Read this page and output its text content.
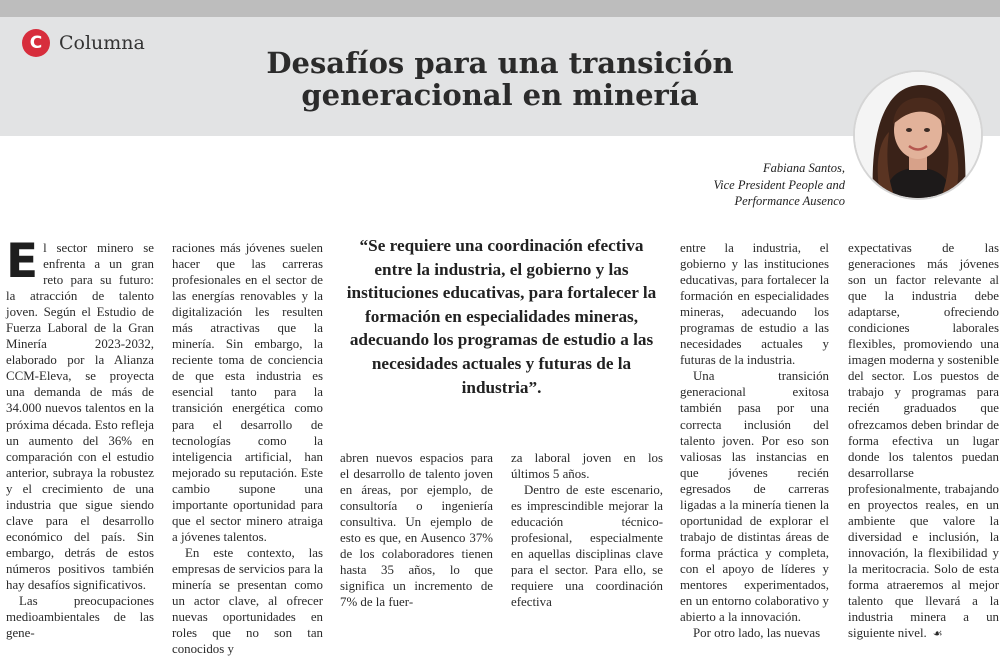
C Columna
Desafíos para una transición
generacional en minería
Fabiana Santos,
Vice President People and
Performance Ausenco

El sector minero se enfrenta a un gran reto para su futuro: la atracción de talento joven. Según el Estudio de Fuerza Laboral de la Gran Minería 2023-2032, elaborado por la Alianza CCM-Eleva, se proyecta una demanda de más de 34.000 nuevos talentos en la próxima década. Esto refleja un aumento del 36% en comparación con el estudio anterior, subraya la robustez y el crecimiento de una industria que sigue siendo clave para el desarrollo económico del país. Sin embargo, detrás de estos números positivos también hay desafíos significativos.

Las preocupaciones medioambientales de las gene-

raciones más jóvenes suelen hacer que las carreras profesionales en el sector de las energías renovables y la digitalización les resulten más atractivas que la minería. Sin embargo, la reciente toma de conciencia de que esta industria es esencial tanto para la transición energética como para el desarrollo de tecnologías como la inteligencia artificial, han mejorado su reputación. Este cambio supone una importante oportunidad para que el sector minero atraiga a jóvenes talentos.

En este contexto, las empresas de servicios para la minería se presentan como un actor clave, al ofrecer nuevas oportunidades en roles que no son tan conocidos y

“Se requiere una coordinación efectiva entre la industria, el gobierno y las instituciones educativas, para fortalecer la formación en especialidades mineras, adecuando los programas de estudio a las necesidades actuales y futuras de la industria”.

abren nuevos espacios para el desarrollo de talento joven en áreas, por ejemplo, de consultoría o ingeniería consultiva. Un ejemplo de esto es que, en Ausenco 37% de los colaboradores tienen hasta 35 años, lo que significa un incremento de 7% de la fuer-

za laboral joven en los últimos 5 años.

Dentro de este escenario, es imprescindible mejorar la educación técnico-profesional, especialmente en aquellas disciplinas clave para el sector. Para ello, se requiere una coordinación efectiva

entre la industria, el gobierno y las instituciones educativas, para fortalecer la formación en especialidades mineras, adecuando los programas de estudio a las necesidades actuales y futuras de la industria.

Una transición generacional exitosa también pasa por una correcta inclusión del talento joven. Por eso son valiosas las instancias en que jóvenes recién egresados de carreras ligadas a la minería tienen la oportunidad de explorar el trabajo de distintas áreas de forma práctica y completa, con el apoyo de líderes y mentores experimentados, en un entorno colaborativo y abierto a la innovación.

Por otro lado, las nuevas

expectativas de las generaciones más jóvenes son un factor relevante al que la industria debe adaptarse, ofreciendo condiciones laborales flexibles, promoviendo una imagen moderna y sostenible del sector. Los puestos de trabajo y programas para recién graduados que ofrezcamos deben brindar de forma efectiva un lugar donde los talentos puedan desarrollarse profesionalmente, trabajando en proyectos reales, en un ambiente que valore la diversidad e inclusión, la innovación, la flexibilidad y la meritocracia. Solo de esta forma atraeremos al mejor talento que llevará a la industria minera a un siguiente nivel. ☙
